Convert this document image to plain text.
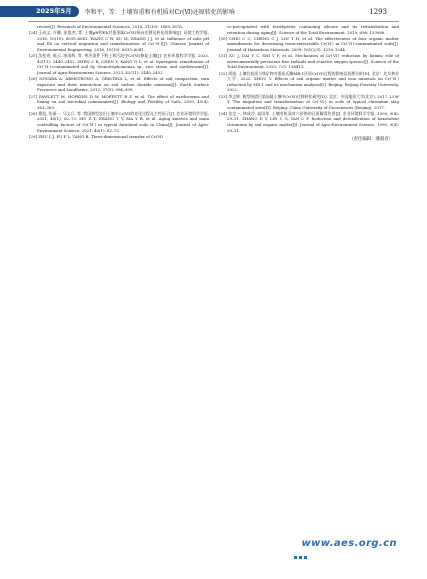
2025年5月	李和平，等：土壤容重和有机质对Cr(Ⅵ)还原转化的影响	1293

review[J]. Research of Environmental Sciences, 2018, 31(10): 1669–1676.

[24] 王成文, 许卿, 张俊杰, 等. 土壤pH和Eh对重金属Cr(Ⅵ)纵向迁移及转化的影响[J]. 环境工程学报, 2016, 10(10): 6035–6041. WANG C W, XU M, ZHANG J J, et al. Influence of soils pH and Eh on vertical migration and transformation of Cr(Ⅵ)[J]. Chinese Journal of Environmental Engineering, 2016, 10(10): 6035–6041.

[25] 沈松贵, 陈云, 康清辉, 等. 寒冷条件下粉土和污泥中Cr(Ⅵ)修复土壤[J]. 农业环境科学学报, 2023, 42(11): 2440–2452. SHEN S R, CHEN Y, KANG Q L, et al. Synergistic remediation of Cr(Ⅵ)-contaminated soil by Stenotrophomonas sp., rice straw, and earthworms[J]. Journal of Agro-Environment Science, 2023, 42(11): 2440–2452.

[26] NOVARA A, ARMSTRONG A, GRISTINA L, et al. Effects of soil compaction, rain exposure and their interaction on soil carbon dioxide emission[J]. Earth Surface Processes and Landforms, 2012, 37(9): 994–999.

[27] PAWLETT M, HOPKINS D W, MOFFETT B F, et al. The effect of earthworms and liming on soil microbial communities[J]. Biology and Fertility of Soils, 2009, 45(4): 361–369.

[28] 穆祖, 张丽一, 马义兵, 等. 我国典型农田土壤中Cr(Ⅵ)的老化过程及主控因子[J]. 农业环境科学学报, 2021, 40(1): 62–73. MU Z T, ZHANG Y Y, MA Y B, et al. Aging kinetics and main controlling factors of Cr(Ⅵ) in typical farmland soils in China[J]. Journal of Agro-Environment Science, 2021, 40(1): 62–73.

[29] ZHU L J, FU F L, TANG B. Three-dimensional transfer of Cr(Ⅵ)

co-precipitated with ferrihydrite containing silicate and its redistribution and retention during aging[J]. Science of the Total Environment, 2019, 696: 133966.

[30] CHIU C C, CHENG C J, LIN T H, et al. The effectiveness of four organic matter amendments for decreasing resin-extractable Cr(Ⅵ) in Cr(Ⅵ)-contaminated soils[J]. Journal of Hazardous Materials, 2009, 161(2/3): 1239–1244.

[31] XU J, DAI Y C, SHI Y F, et al. Mechanism of Cr(Ⅵ) reduction by humin: role of environmentally persistent free radicals and reactive oxygen species[J]. Science of the Total Environment, 2020, 725: 138413.

[32] 周逸. 土壤有机质与铁矿物对重质氏酶MR-1还原Cr(Ⅵ)过程的影响及机理分析[D]. 北京：北京林业大学, 2022. ZHOU Y. Effects of soil organic matter and iron minerals on Cr(Ⅵ) reduction by MR-1 and its mechanism analysis[D]. Beijing: Beijing Forestry University, 2022.

[33] 李文婷. 典型铬渣污染场地土壤中Cr(Ⅵ)迁移转化研究[D]. 北京：中国地质大学(北京), 2017. LI W T. The migration and transformation of Cr(Ⅵ) in soils of typical chromium slag contaminated sites[D]. Beijing: China University of Geosciences (Beijing), 2017.

[34] 张定一, 林成谷, 高国华. 土壤有机质对六价铬的还原解毒作用[J]. 农业环境科学学报, 1990, 9(4): 29–31. ZHANG D Y, LIN C G, YAN C P. Reduction and detoxification of hexavalent chromium by soil organic matter[J]. Journal of Agro-Environment Science, 1990, 9(4): 29–31.

（责任编辑：潘淑君）
www.aes.org.cn
